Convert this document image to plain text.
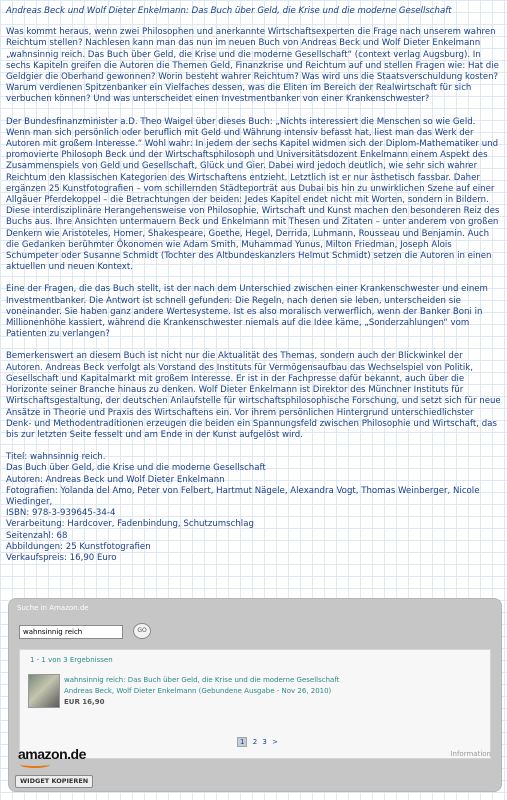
Andreas Beck und Wolf Dieter Enkelmann: Das Buch über Geld, die Krise und die moderne Gesellschaft

Was kommt heraus, wenn zwei Philosophen und anerkannte Wirtschaftsexperten die Frage nach unserem wahren Reichtum stellen? Nachlesen kann man das nun im neuen Buch von Andreas Beck und Wolf Dieter Enkelmann „wahnsinnig reich. Das Buch über Geld, die Krise und die moderne Gesellschaft“ (context verlag Augsburg). In sechs Kapiteln greifen die Autoren die Themen Geld, Finanzkrise und Reichtum auf und stellen Fragen wie: Hat die Geldgier die Oberhand gewonnen? Worin besteht wahrer Reichtum? Was wird uns die Staatsverschuldung kosten? Warum verdienen Spitzenbanker ein Vielfaches dessen, was die Eliten im Bereich der Realwirtschaft für sich verbuchen können? Und was unterscheidet einen Investmentbanker von einer Krankenschwester?

Der Bundesfinanzminister a.D. Theo Waigel über dieses Buch: „Nichts interessiert die Menschen so wie Geld. Wenn man sich persönlich oder beruflich mit Geld und Währung intensiv befasst hat, liest man das Werk der Autoren mit großem Interesse.“ Wohl wahr: In jedem der sechs Kapitel widmen sich der Diplom-Mathematiker und promovierte Philosoph Beck und der Wirtschaftsphilosoph und Universitätsdozent Enkelmann einem Aspekt des Zusammenspiels von Geld und Gesellschaft, Glück und Gier. Dabei wird jedoch deutlich, wie sehr sich wahrer Reichtum den klassischen Kategorien des Wirtschaftens entzieht. Letztlich ist er nur ästhetisch fassbar. Daher ergänzen 25 Kunstfotografien – vom schillernden Städteporträt aus Dubai bis hin zu unwirklichen Szene auf einer Allgäuer Pferdekoppel – die Betrachtungen der beiden: Jedes Kapitel endet nicht mit Worten, sondern in Bildern. Diese interdisziplinäre Herangehensweise von Philosophie, Wirtschaft und Kunst machen den besonderen Reiz des Buchs aus. Ihre Ansichten untermauern Beck und Enkelmann mit Thesen und Zitaten – unter anderem von großen Denkern wie Aristoteles, Homer, Shakespeare, Goethe, Hegel, Derrida, Luhmann, Rousseau und Benjamin. Auch die Gedanken berühmter Ökonomen wie Adam Smith, Muhammad Yunus, Milton Friedman, Joseph Alois Schumpeter oder Susanne Schmidt (Tochter des Altbundeskanzlers Helmut Schmidt) setzen die Autoren in einen aktuellen und neuen Kontext.

Eine der Fragen, die das Buch stellt, ist der nach dem Unterschied zwischen einer Krankenschwester und einem Investmentbanker. Die Antwort ist schnell gefunden: Die Regeln, nach denen sie leben, unterscheiden sie voneinander. Sie haben ganz andere Wertesysteme. Ist es also moralisch verwerflich, wenn der Banker Boni in Millionenhöhe kassiert, während die Krankenschwester niemals auf die Idee käme, „Sonderzahlungen“ vom Patienten zu verlangen?

Bemerkenswert an diesem Buch ist nicht nur die Aktualität des Themas, sondern auch der Blickwinkel der Autoren. Andreas Beck verfolgt als Vorstand des Instituts für Vermögensaufbau das Wechselspiel von Politik, Gesellschaft und Kapitalmarkt mit großem Interesse. Er ist in der Fachpresse dafür bekannt, auch über die Horizonte seiner Branche hinaus zu denken. Wolf Dieter Enkelmann ist Direktor des Münchner Instituts für Wirtschaftsgestaltung, der deutschen Anlaufstelle für wirtschaftsphilosophische Forschung, und setzt sich für neue Ansätze in Theorie und Praxis des Wirtschaftens ein. Vor ihrem persönlichen Hintergrund unterschiedlichster Denk- und Methodentraditionen erzeugen die beiden ein Spannungsfeld zwischen Philosophie und Wirtschaft, das bis zur letzten Seite fesselt und am Ende in der Kunst aufgelöst wird.

Titel: wahnsinnig reich.
Das Buch über Geld, die Krise und die moderne Gesellschaft
Autoren: Andreas Beck und Wolf Dieter Enkelmann
Fotografien: Yolanda del Amo, Peter von Felbert, Hartmut Nägele, Alexandra Vogt, Thomas Weinberger, Nicole Wiedinger,
ISBN: 978-3-939645-34-4
Verarbeitung: Hardcover, Fadenbindung, Schutzumschlag
Seitenzahl: 68
Abbildungen: 25 Kunstfotografien
Verkaufspreis: 16,90 Euro
Suche in Amazon.de
wahnsinnig reich
GO
1 - 1 von 3 Ergebnissen
wahnsinnig reich: Das Buch über Geld, die Krise und die moderne Gesellschaft
Andreas Beck, Wolf Dieter Enkelmann (Gebundene Ausgabe - Nov 26, 2010)
EUR 16,90
WIDGET KOPIEREN
1 2 3 >
amazon.de	Information
